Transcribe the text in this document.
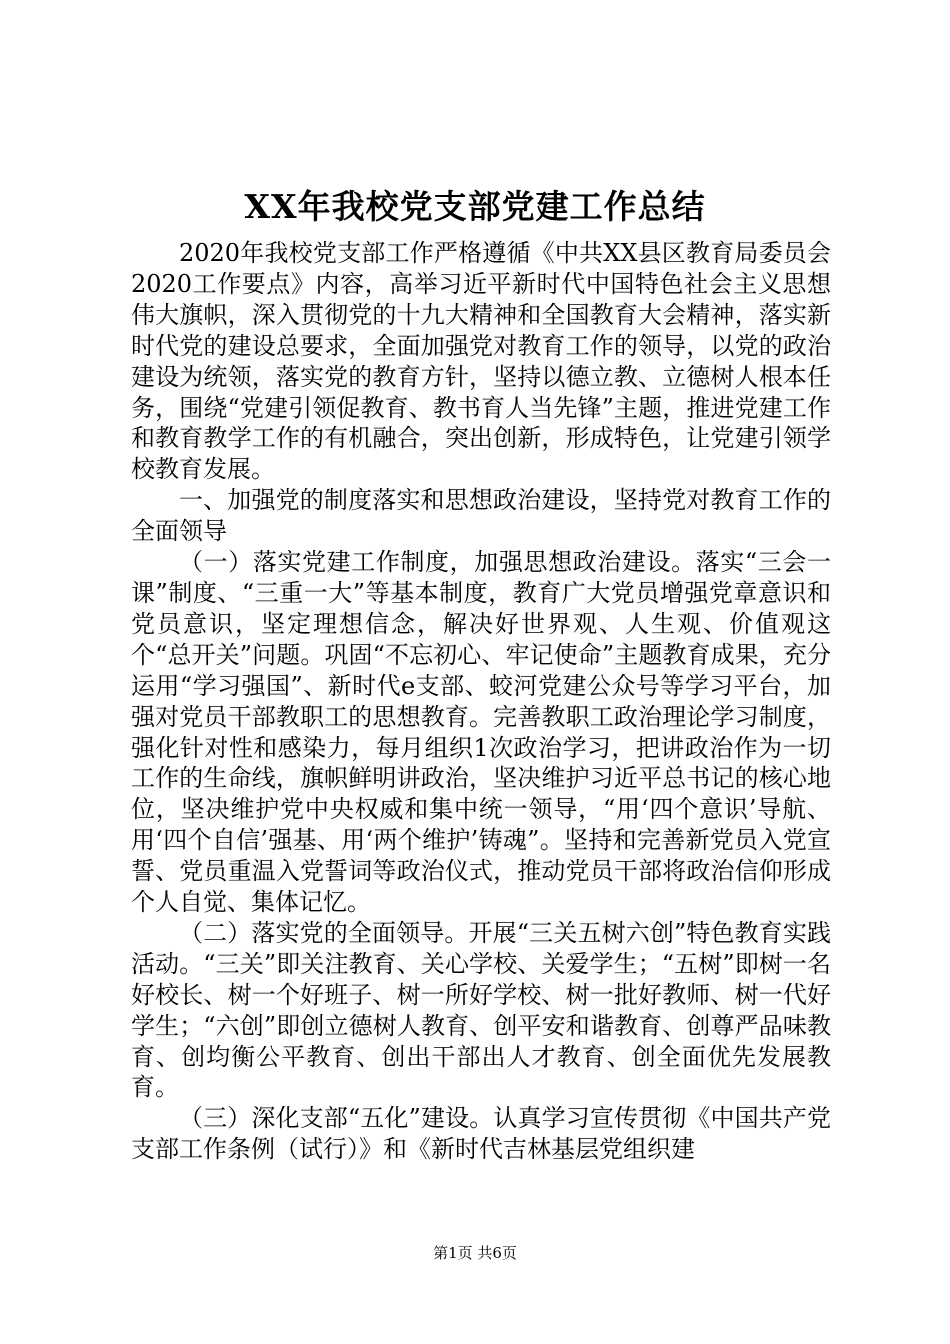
XX年我校党支部党建工作总结

2020年我校党支部工作严格遵循《中共XX县区教育局委员会2020工作要点》内容，高举习近平新时代中国特色社会主义思想伟大旗帜，深入贯彻党的十九大精神和全国教育大会精神，落实新时代党的建设总要求，全面加强党对教育工作的领导，以党的政治建设为统领，落实党的教育方针，坚持以德立教、立德树人根本任务，围绕“党建引领促教育、教书育人当先锋”主题，推进党建工作和教育教学工作的有机融合，突出创新，形成特色，让党建引领学校教育发展。

一、加强党的制度落实和思想政治建设，坚持党对教育工作的全面领导

（一）落实党建工作制度，加强思想政治建设。落实“三会一课”制度、“三重一大”等基本制度，教育广大党员增强党章意识和党员意识，坚定理想信念，解决好世界观、人生观、价值观这个“总开关”问题。巩固“不忘初心、牢记使命”主题教育成果，充分运用“学习强国”、新时代e支部、蛟河党建公众号等学习平台，加强对党员干部教职工的思想教育。完善教职工政治理论学习制度，强化针对性和感染力，每月组织1次政治学习，把讲政治作为一切工作的生命线，旗帜鲜明讲政治，坚决维护习近平总书记的核心地位，坚决维护党中央权威和集中统一领导，“用‘四个意识’导航、用‘四个自信’强基、用‘两个维护’铸魂”。坚持和完善新党员入党宣誓、党员重温入党誓词等政治仪式，推动党员干部将政治信仰形成个人自觉、集体记忆。

（二）落实党的全面领导。开展“三关五树六创”特色教育实践活动。“三关”即关注教育、关心学校、关爱学生；“五树”即树一名好校长、树一个好班子、树一所好学校、树一批好教师、树一代好学生；“六创”即创立德树人教育、创平安和谐教育、创尊严品味教育、创均衡公平教育、创出干部出人才教育、创全面优先发展教育。

（三）深化支部“五化”建设。认真学习宣传贯彻《中国共产党支部工作条例（试行）》和《新时代吉林基层党组织建

第1页 共6页
